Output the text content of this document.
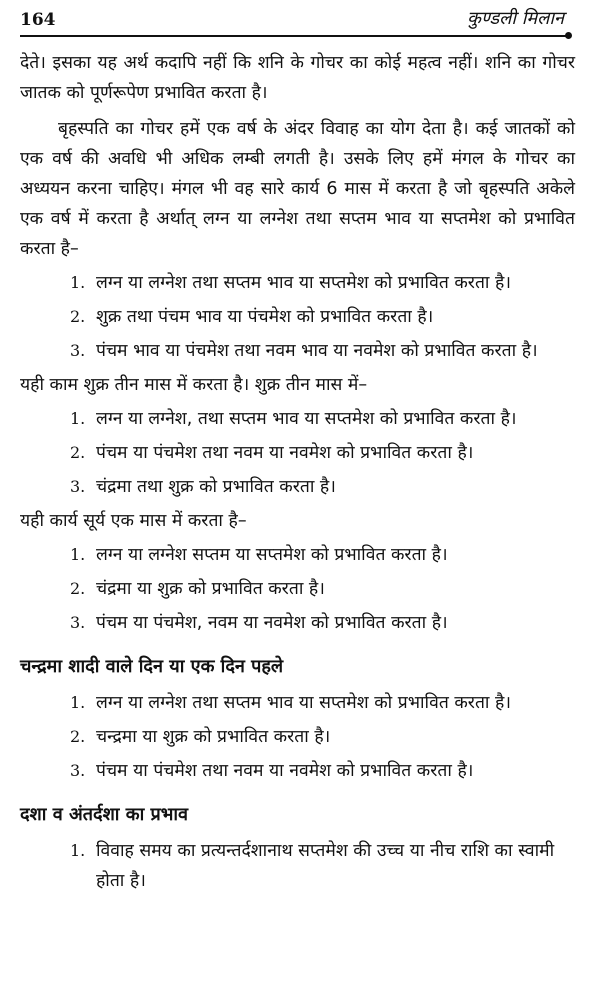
164	कुण्डली मिलान

देते। इसका यह अर्थ कदापि नहीं कि शनि के गोचर का कोई महत्व नहीं। शनि का गोचर जातक को पूर्णरूपेण प्रभावित करता है।

बृहस्पति का गोचर हमें एक वर्ष के अंदर विवाह का योग देता है। कई जातकों को एक वर्ष की अवधि भी अधिक लम्बी लगती है। उसके लिए हमें मंगल के गोचर का अध्ययन करना चाहिए। मंगल भी वह सारे कार्य 6 मास में करता है जो बृहस्पति अकेले एक वर्ष में करता है अर्थात् लग्न या लग्नेश तथा सप्तम भाव या सप्तमेश को प्रभावित करता है–

1. लग्न या लग्नेश तथा सप्तम भाव या सप्तमेश को प्रभावित करता है।
2. शुक्र तथा पंचम भाव या पंचमेश को प्रभावित करता है।
3. पंचम भाव या पंचमेश तथा नवम भाव या नवमेश को प्रभावित करता है।

यही काम शुक्र तीन मास में करता है। शुक्र तीन मास में–

1. लग्न या लग्नेश, तथा सप्तम भाव या सप्तमेश को प्रभावित करता है।
2. पंचम या पंचमेश तथा नवम या नवमेश को प्रभावित करता है।
3. चंद्रमा तथा शुक्र को प्रभावित करता है।

यही कार्य सूर्य एक मास में करता है–

1. लग्न या लग्नेश सप्तम या सप्तमेश को प्रभावित करता है।
2. चंद्रमा या शुक्र को प्रभावित करता है।
3. पंचम या पंचमेश, नवम या नवमेश को प्रभावित करता है।
चन्द्रमा शादी वाले दिन या एक दिन पहले
1. लग्न या लग्नेश तथा सप्तम भाव या सप्तमेश को प्रभावित करता है।
2. चन्द्रमा या शुक्र को प्रभावित करता है।
3. पंचम या पंचमेश तथा नवम या नवमेश को प्रभावित करता है।
दशा व अंतर्दशा का प्रभाव
1. विवाह समय का प्रत्यन्तर्दशानाथ सप्तमेश की उच्च या नीच राशि का स्वामी होता है।
